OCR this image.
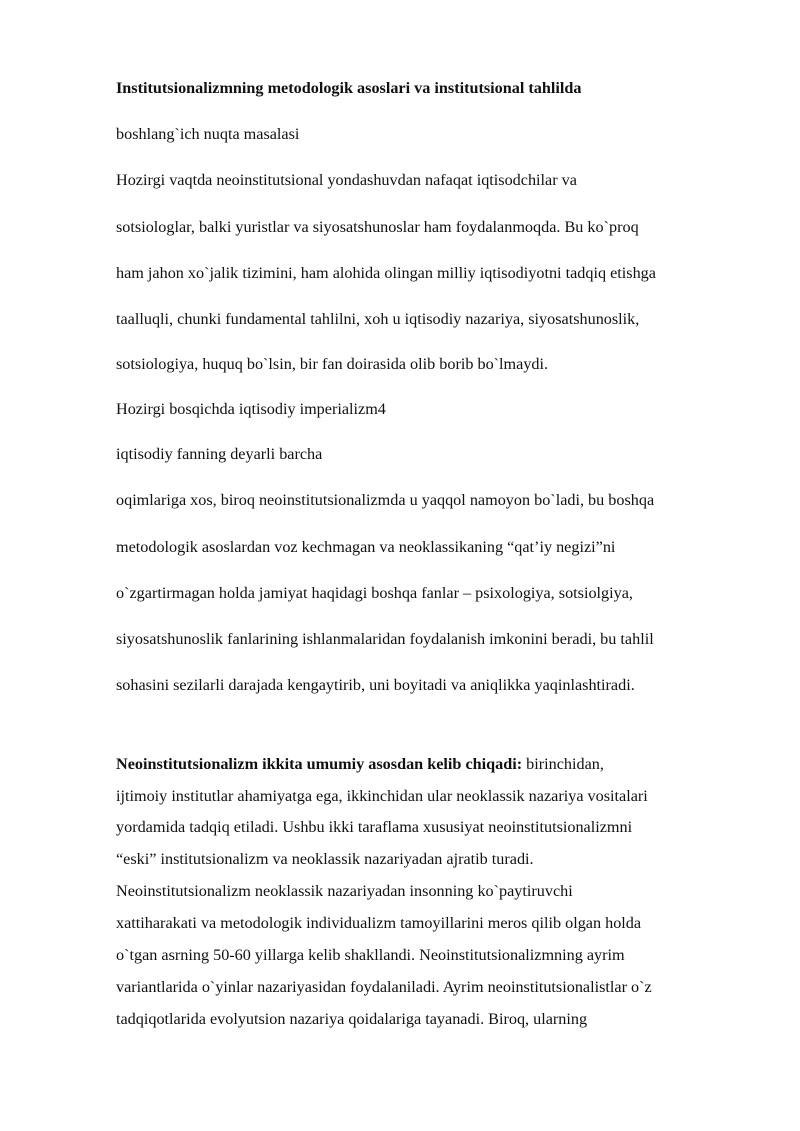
Institutsionalizmning metodologik asoslari va institutsional tahlilda
boshlang`ich nuqta masalasi
Hozirgi vaqtda neoinstitutsional yondashuvdan nafaqat iqtisodchilar va
sotsiologlar, balki yuristlar va siyosatshunoslar ham foydalanmoqda. Bu ko`proq
ham jahon xo`jalik tizimini, ham alohida olingan milliy iqtisodiyotni tadqiq etishga
taalluqli, chunki fundamental tahlilni, xoh u iqtisodiy nazariya, siyosatshunoslik,
sotsiologiya, huquq bo`lsin, bir fan doirasida olib borib bo`lmaydi.
Hozirgi bosqichda iqtisodiy imperializm4
iqtisodiy fanning deyarli barcha
oqimlariga xos, biroq neoinstitutsionalizmda u yaqqol namoyon bo`ladi, bu boshqa
metodologik asoslardan voz kechmagan va neoklassikaning “qat’iy negizi”ni
o`zgartirmagan holda jamiyat haqidagi boshqa fanlar – psixologiya, sotsiolgiya,
siyosatshunoslik fanlarining ishlanmalaridan foydalanish imkonini beradi, bu tahlil
sohasini sezilarli darajada kengaytirib, uni boyitadi va aniqlikka yaqinlashtiradi.
Neoinstitutsionalizm ikkita umumiy asosdan kelib chiqadi: birinchidan,
ijtimoiy institutlar ahamiyatga ega, ikkinchidan ular neoklassik nazariya vositalari
yordamida tadqiq etiladi. Ushbu ikki taraflama xususiyat neoinstitutsionalizmni
“eski” institutsionalizm va neoklassik nazariyadan ajratib turadi.
Neoinstitutsionalizm neoklassik nazariyadan insonning ko`paytiruvchi
xattiharakati va metodologik individualizm tamoyillarini meros qilib olgan holda
o`tgan asrning 50-60 yillarga kelib shakllandi. Neoinstitutsionalizmning ayrim
variantlarida o`yinlar nazariyasidan foydalaniladi. Ayrim neoinstitutsionalistlar o`z
tadqiqotlarida evolyutsion nazariya qoidalariga tayanadi. Biroq, ularning
